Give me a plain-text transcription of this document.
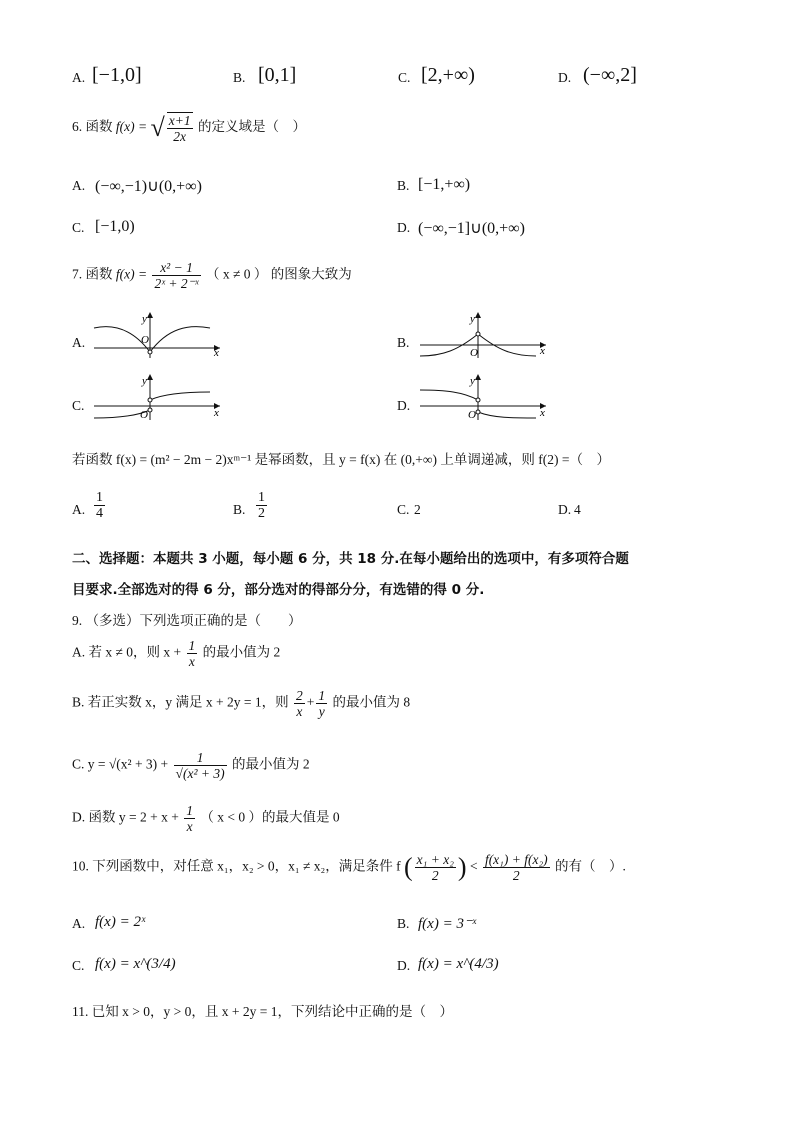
A. [−1,0]	B. [0,1]	C. [2,+∞)	D. (−∞,2]
6. 函数 f(x) = √ $\frac{x+1}{2x}$ 的定义域是（　）
A. (−∞,−1)∪(0,+∞)	B. [−1,+∞)
C. [−1,0)	D. (−∞,−1]∪(0,+∞)
7. 函数 $f(x) = \frac{\text{x² − 1}}{\text{2ˣ + 2⁻ˣ}}$ （ x ≠ 0 ） 的图象大致为
A.
y
O
x
B.
y
O	x
C.
y
O	x	D.
y
O	x
若函数 f(x) = (m² − 2m − 2)xᵐ⁻¹ 是幂函数，且 y = f(x) 在 (0,+∞) 上单调递减，则 f(2) =（　）
A. $\frac{1}{4}$	B. $\frac{1}{2}$	C. 2	D. 4
二、选择题：本题共 3 小题，每小题 6 分，共 18 分.在每小题给出的选项中，有多项符合题
目要求.全部选对的得 6 分，部分选对的得部分分，有选错的得 0 分.
9. （多选）下列选项正确的是（　　）
A. 若 x ≠ 0，则 $x + \frac{1}{x}$ 的最小值为 2
B. 若正实数 x，y 满足 x + 2y = 1，则 $\frac{2}{x} + \frac{1}{y}$ 的最小值为 8
C. $y = √(x^2 + 3) + \frac{1}{\text{√(x² + 3)}}$ 的最小值为 2
D. 函数 $y = 2 + x + \frac{1}{x}$ （ x < 0 ）的最大值是 0
10. 下列函数中，对任意 x₁，x₂ > 0，x₁ ≠ x₂，满足条件 f ( $\frac{\text{x₁ + x₂}}{2}$ ) < $\frac{\text{f(x₁) + f(x₂)}}{2}$ 的有（　）.
A. f(x) = 2ˣ	B. f(x) = 3⁻ˣ
C. f(x) = x^(3/4)	D. f(x) = x^(4/3)
11. 已知 x > 0，y > 0，且 x + 2y = 1，下列结论中正确的是（　）
